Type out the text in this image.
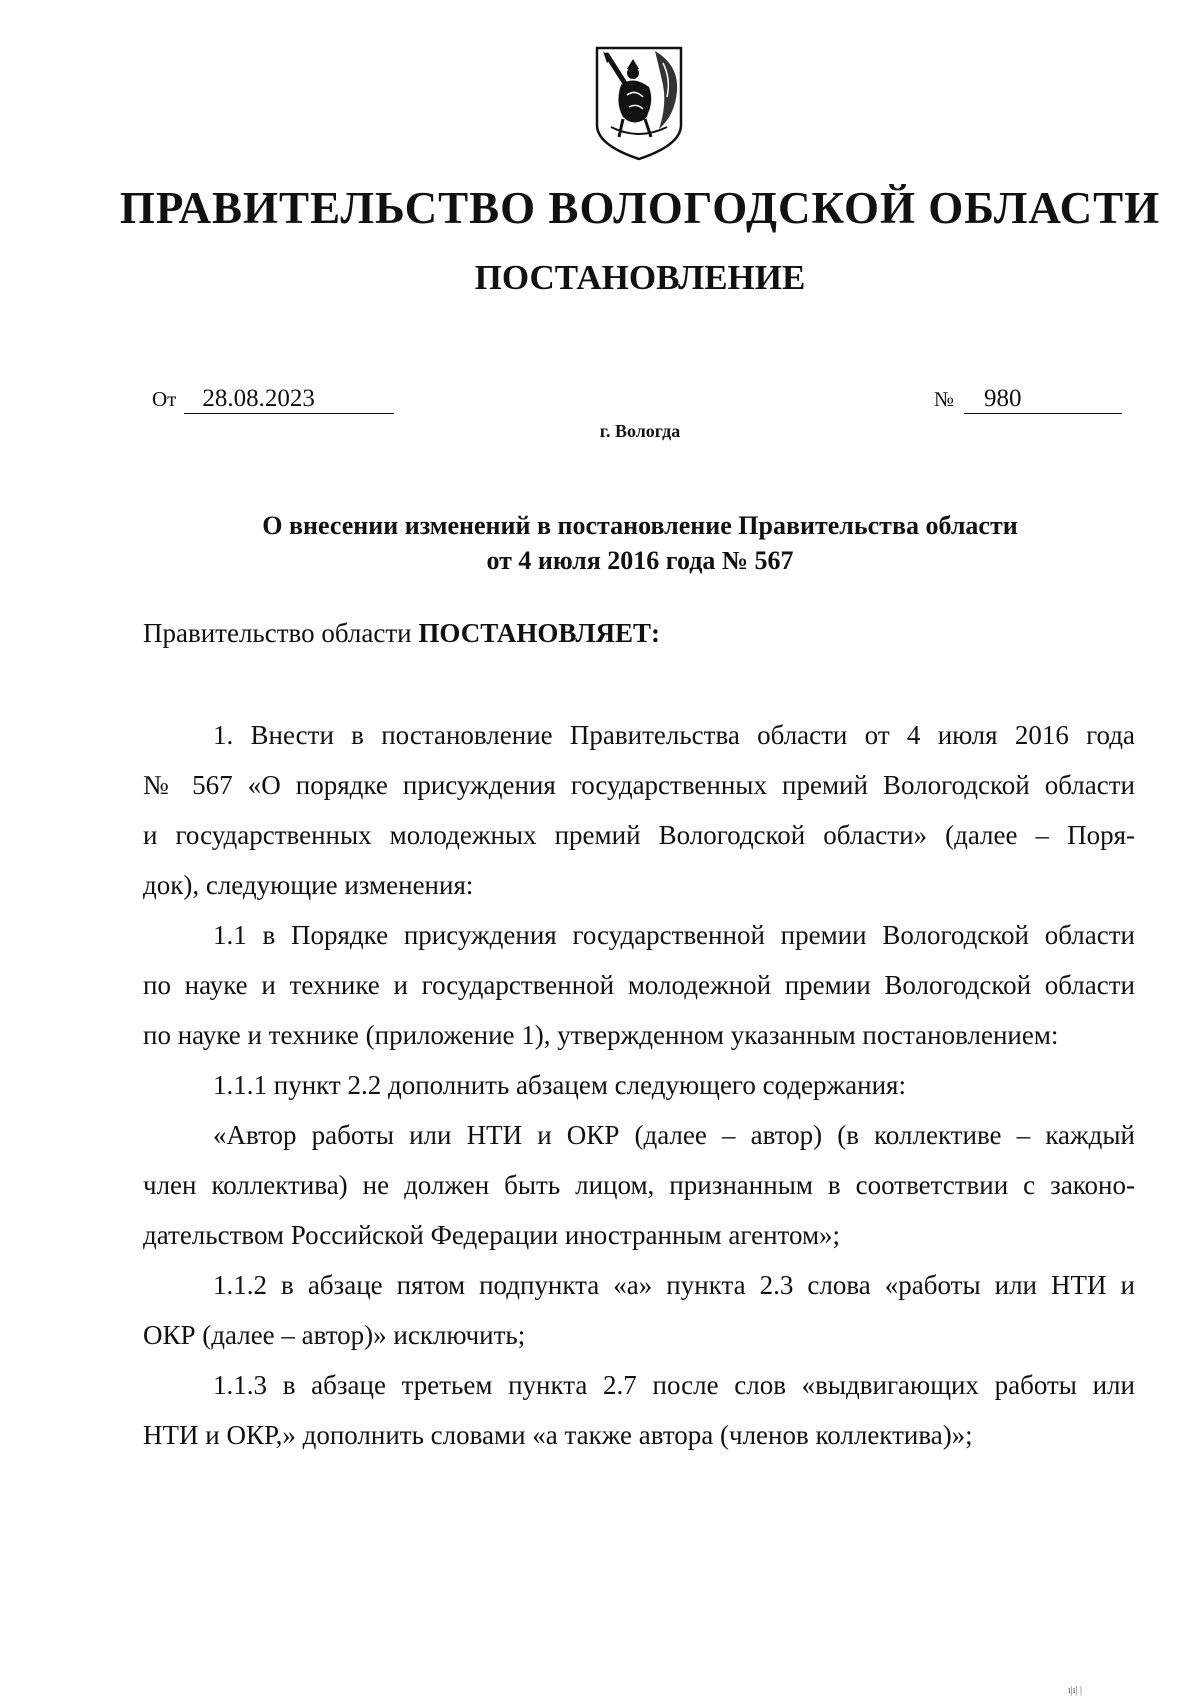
ПРАВИТЕЛЬСТВО ВОЛОГОДСКОЙ ОБЛАСТИ
ПОСТАНОВЛЕНИЕ
От 28.08.2023	№ 980
г. Вологда
О внесении изменений в постановление Правительства области
от 4 июля 2016 года № 567
Правительство области ПОСТАНОВЛЯЕТ:
1. Внести в постановление Правительства области от 4 июля 2016 года
№ 567 «О порядке присуждения государственных премий Вологодской области
и государственных молодежных премий Вологодской области» (далее – Поря-
док), следующие изменения:
1.1 в Порядке присуждения государственной премии Вологодской области
по науке и технике и государственной молодежной премии Вологодской области
по науке и технике (приложение 1), утвержденном указанным постановлением:
1.1.1 пункт 2.2 дополнить абзацем следующего содержания:
«Автор работы или НТИ и ОКР (далее – автор) (в коллективе – каждый
член коллектива) не должен быть лицом, признанным в соответствии с законо-
дательством Российской Федерации иностранным агентом»;
1.1.2 в абзаце пятом подпункта «а» пункта 2.3 слова «работы или НТИ и
ОКР (далее – автор)» исключить;
1.1.3 в абзаце третьем пункта 2.7 после слов «выдвигающих работы или
НТИ и ОКР,» дополнить словами «а также автора (членов коллектива)»;
ı|ı| |
